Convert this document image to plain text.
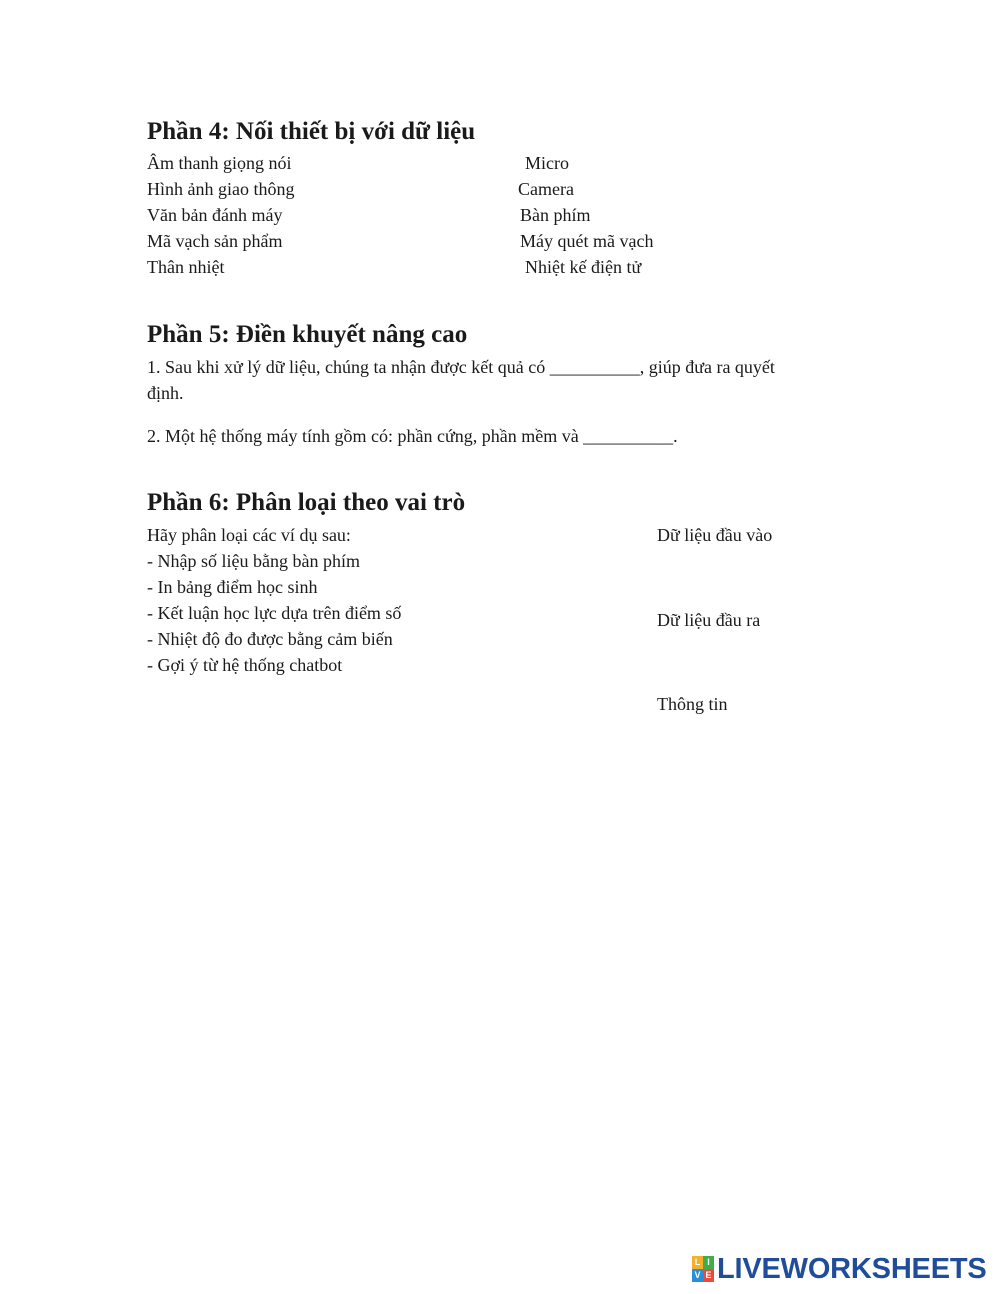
Phần 4: Nối thiết bị với dữ liệu
Âm thanh giọng nói
Hình ảnh giao thông
Văn bản đánh máy
Mã vạch sản phẩm
Thân nhiệt
Micro
Camera
Bàn phím
Máy quét mã vạch
Nhiệt kế điện tử
Phần 5: Điền khuyết nâng cao
1. Sau khi xử lý dữ liệu, chúng ta nhận được kết quả có __________, giúp đưa ra quyết
định.
2. Một hệ thống máy tính gồm có: phần cứng, phần mềm và __________.
Phần 6: Phân loại theo vai trò
Hãy phân loại các ví dụ sau:
- Nhập số liệu bằng bàn phím
- In bảng điểm học sinh
- Kết luận học lực dựa trên điểm số
- Nhiệt độ đo được bằng cảm biến
- Gợi ý từ hệ thống chatbot
Dữ liệu đầu vào
Dữ liệu đầu ra
Thông tin
L I
V E LIVEWORKSHEETS
